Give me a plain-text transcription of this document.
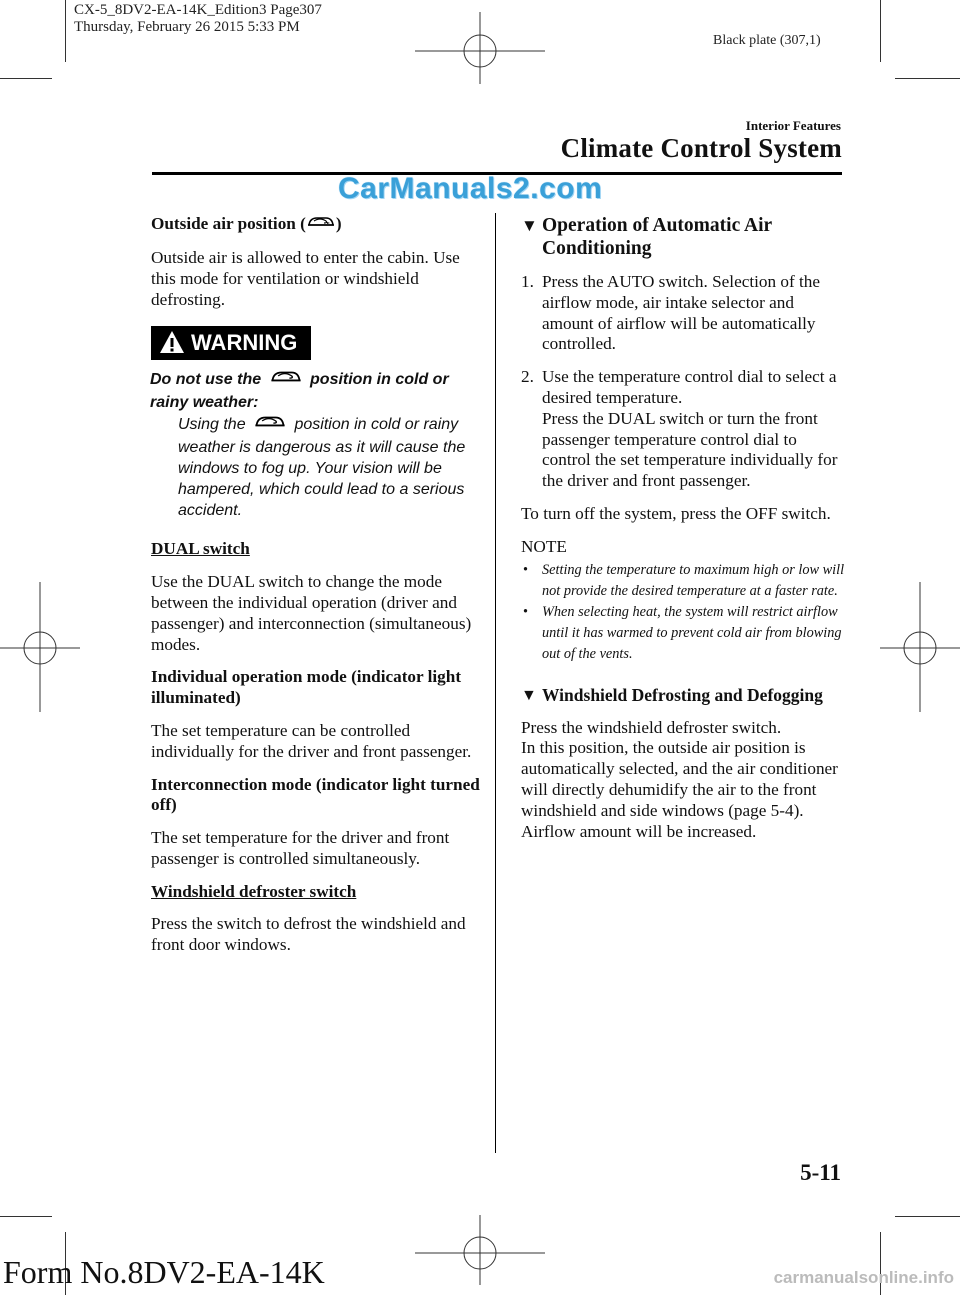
CX-5_8DV2-EA-14K_Edition3 Page307
Thursday, February 26 2015 5:33 PM
Black plate (307,1)
Interior Features
Climate Control System
CarManuals2.com

Outside air position ( )

Outside air is allowed to enter the cabin. Use this mode for ventilation or windshield defrosting.

WARNING
Do not use the	position in cold or
rainy weather:
Using the	position in cold or rainy weather is dangerous as it will cause the windows to fog up. Your vision will be hampered, which could lead to a serious accident.

DUAL switch

Use the DUAL switch to change the mode between the individual operation (driver and passenger) and interconnection (simultaneous) modes.

Individual operation mode (indicator light illuminated)

The set temperature can be controlled individually for the driver and front passenger.

Interconnection mode (indicator light turned off)

The set temperature for the driver and front passenger is controlled simultaneously.

Windshield defroster switch

Press the switch to defrost the windshield and front door windows.

▼ Operation of Automatic Air Conditioning
1. Press the AUTO switch. Selection of the airflow mode, air intake selector and amount of airflow will be automatically controlled.
2. Use the temperature control dial to select a desired temperature.
Press the DUAL switch or turn the front passenger temperature control dial to control the set temperature individually for the driver and front passenger.

To turn off the system, press the OFF switch.

NOTE
• Setting the temperature to maximum high or low will not provide the desired temperature at a faster rate.
• When selecting heat, the system will restrict airflow until it has warmed to prevent cold air from blowing out of the vents.
▼ Windshield Defrosting and Defogging
Press the windshield defroster switch.
In this position, the outside air position is automatically selected, and the air conditioner will directly dehumidify the air to the front windshield and side windows (page 5-4). Airflow amount will be increased.
5-11
Form No.8DV2-EA-14K	carmanualsonline.info
